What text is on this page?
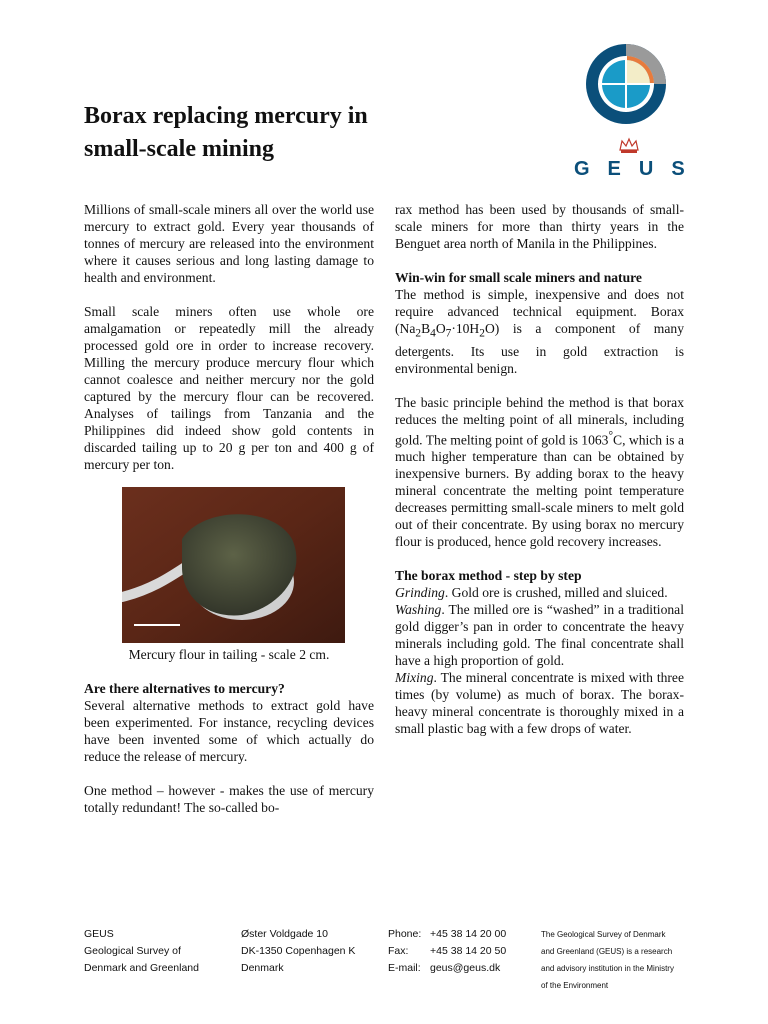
Borax replacing mercury in
small-scale mining
GEUS

Millions of small-scale miners all over the world use mercury to extract gold. Every year thousands of tonnes of mercury are released into the environment where it causes serious and long lasting damage to health and environment.

Small scale miners often use whole ore amalgamation or repeatedly mill the already processed gold ore in order to increase recovery. Milling the mercury produce mercury flour which cannot coalesce and neither mercury nor the gold captured by the mercury flour can be recovered. Analyses of tailings from Tanzania and the Philippines did indeed show gold contents in discarded tailing up to 20 g per ton and 400 g of mercury per ton.

Mercury flour in tailing - scale 2 cm.

Are there alternatives to mercury?

Several alternative methods to extract gold have been experimented. For instance, recycling devices have been invented some of which actually do reduce the release of mercury.

One method – however - makes the use of mercury totally redundant! The so-called bo-

rax method has been used by thousands of small-scale miners for more than thirty years in the Benguet area north of Manila in the Philippines.

Win-win for small scale miners and nature

The method is simple, inexpensive and does not require advanced technical equipment. Borax $(Na_2B_4O_7\cdot 10H_2O)$ is a component of many detergents. Its use in gold extraction is environmental benign.

The basic principle behind the method is that borax reduces the melting point of all minerals, including gold. The melting point of gold is 1063°C, which is a much higher temperature than can be obtained by inexpensive burners. By adding borax to the heavy mineral concentrate the melting point temperature decreases permitting small-scale miners to melt gold out of their concentrate. By using borax no mercury flour is produced, hence gold recovery increases.

The borax method - step by step

Grinding. Gold ore is crushed, milled and sluiced.

Washing. The milled ore is “washed” in a traditional gold digger’s pan in order to concentrate the heavy minerals including gold. The final concentrate shall have a high proportion of gold.

Mixing. The mineral concentrate is mixed with three times (by volume) as much of borax. The borax-heavy mineral concentrate is thoroughly mixed in a small plastic bag with a few drops of water.

GEUS
Geological Survey of
Denmark and Greenland
Øster Voldgade 10
DK-1350 Copenhagen K
Denmark
Phone: +45 38 14 20 00
Fax: +45 38 14 20 50
E-mail: geus@geus.dk
The Geological Survey of Denmark
and Greenland (GEUS) is a research
and advisory institution in the Ministry
of the Environment
